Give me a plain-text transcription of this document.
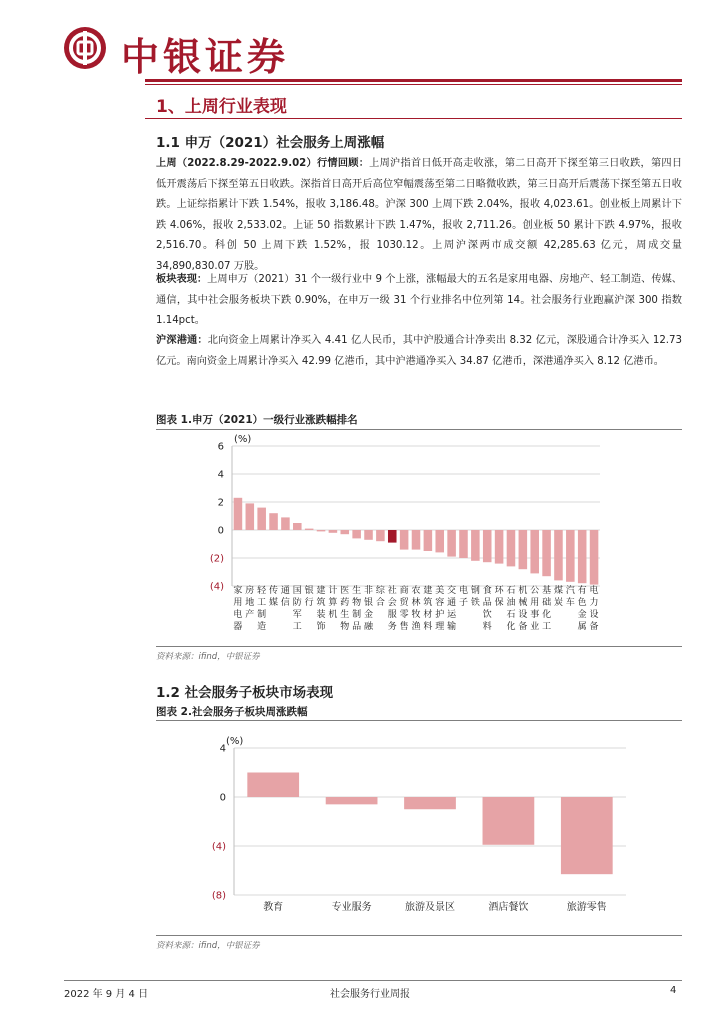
中银证券
1、上周行业表现
1.1 申万（2021）社会服务上周涨幅
上周（2022.8.29-2022.9.02）行情回顾：上周沪指首日低开高走收涨，第二日高开下探至第三日收跌，第四日低开震荡后下探至第五日收跌。深指首日高开后高位窄幅震荡至第二日略微收跌，第三日高开后震荡下探至第五日收跌。上证综指累计下跌 1.54%，报收 3,186.48。沪深 300 上周下跌 2.04%，报收 4,023.61。创业板上周累计下跌 4.06%，报收 2,533.02。上证 50 指数累计下跌 1.47%，报收 2,711.26。创业板 50 累计下跌 4.97%，报收 2,516.70。科创 50 上周下跌 1.52%，报 1030.12。上周沪深两市成交额 42,285.63 亿元，周成交量 34,890,830.07 万股。
板块表现：上周申万（2021）31 个一级行业中 9 个上涨，涨幅最大的五名是家用电器、房地产、轻工制造、传媒、通信，其中社会服务板块下跌 0.90%，在申万一级 31 个行业排名中位列第 14。社会服务行业跑赢沪深 300 指数 1.14pct。
沪深港通：北向资金上周累计净买入 4.41 亿人民币，其中沪股通合计净卖出 8.32 亿元，深股通合计净买入 12.73 亿元。南向资金上周累计净买入 42.99 亿港币，其中沪港通净买入 34.87 亿港币，深港通净买入 8.12 亿港币。
图表 1.申万（2021）一级行业涨跌幅排名
(%)
6
4
2
0
(2)
(4) 家用电器
房地产
轻工制造
传媒
通信
国防军工
银行
建筑装饰
计算机
医药生物
生物制品
非银金融
综合
社会服务
商贸零售
农林牧渔
建筑材料
美容护理
交通运输
电子
钢铁
食品饮料
环保
石油石化
机械设备
公用事业
基础化工
煤炭
汽车
有色金属
电力设备
资料来源：ifind，中银证券
1.2 社会服务子板块市场表现
图表 2.社会服务子板块周涨跌幅
(%)
4
0
(4)
(8)
教育	专业服务	旅游及景区	酒店餐饮	旅游零售
资料来源：ifind，中银证券
2022 年 9 月 4 日	社会服务行业周报	4
